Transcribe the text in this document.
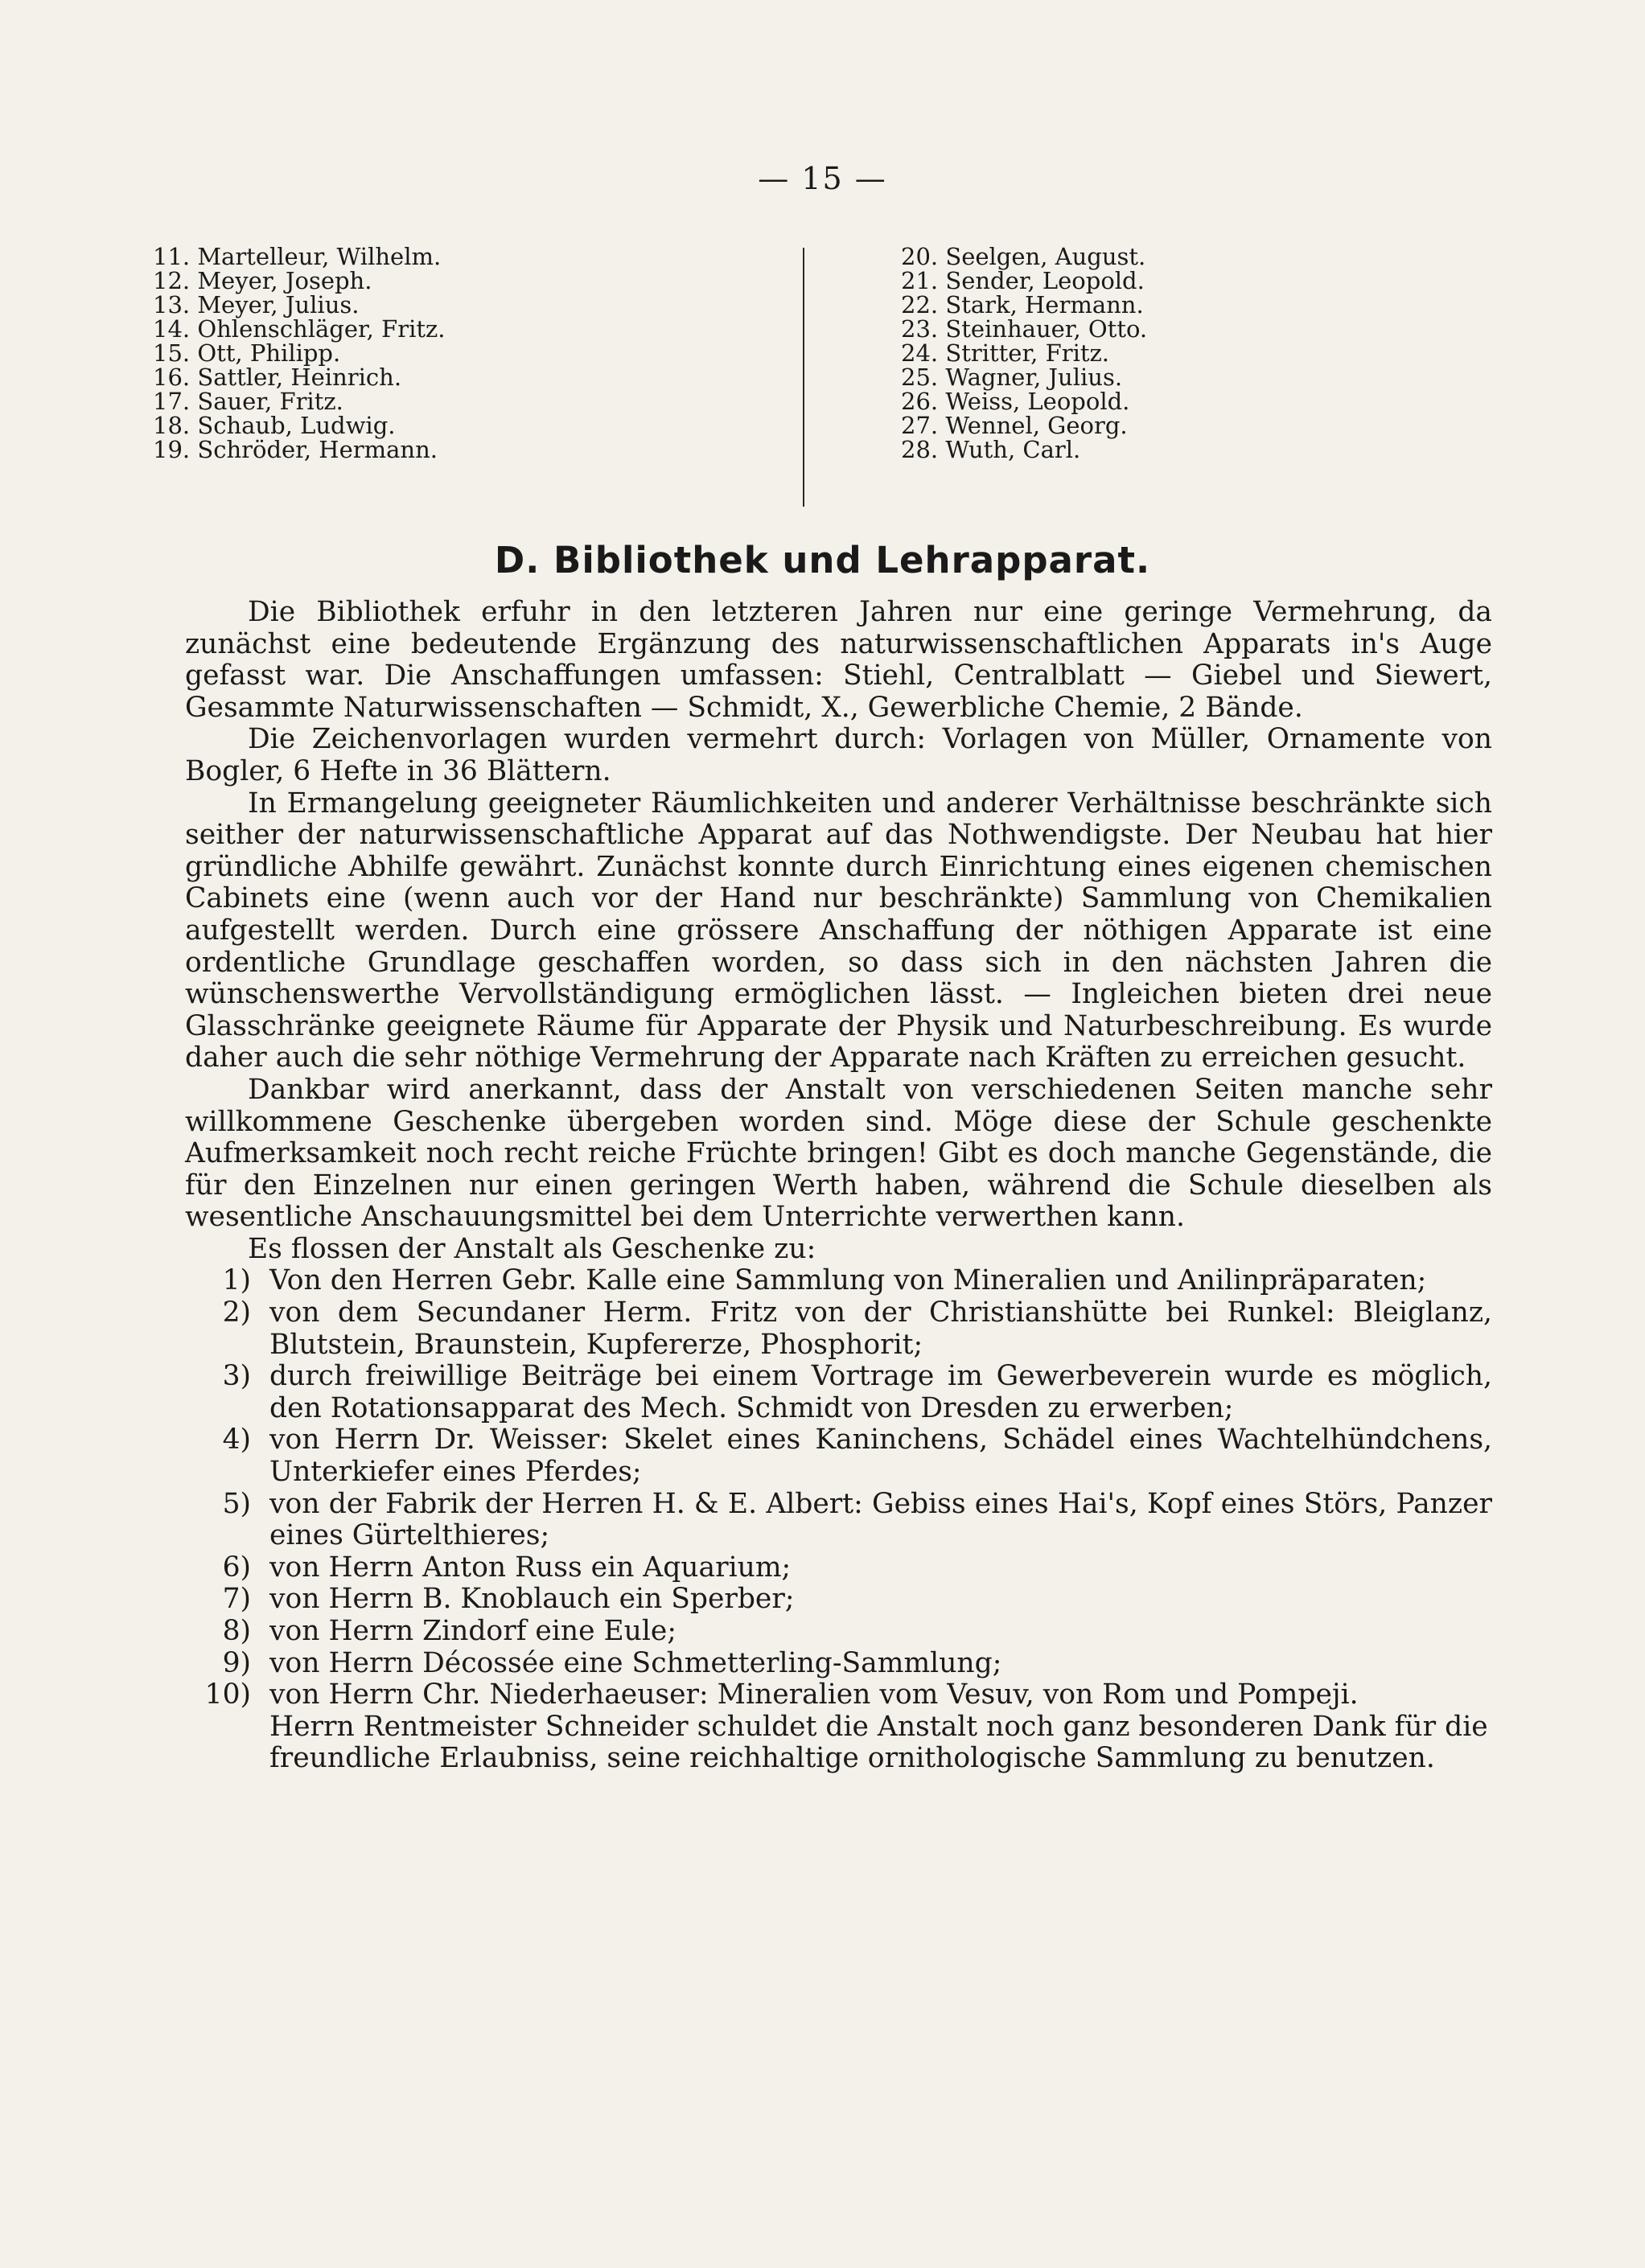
— 15 —
11. Martelleur, Wilhelm.
12. Meyer, Joseph.
13. Meyer, Julius.
14. Ohlenschläger, Fritz.
15. Ott, Philipp.
16. Sattler, Heinrich.
17. Sauer, Fritz.
18. Schaub, Ludwig.
19. Schröder, Hermann.
20. Seelgen, August.
21. Sender, Leopold.
22. Stark, Hermann.
23. Steinhauer, Otto.
24. Stritter, Fritz.
25. Wagner, Julius.
26. Weiss, Leopold.
27. Wennel, Georg.
28. Wuth, Carl.
D. Bibliothek und Lehrapparat.

Die Bibliothek erfuhr in den letzteren Jahren nur eine geringe Vermehrung, da zunächst eine bedeutende Ergänzung des naturwissenschaftlichen Apparats in's Auge gefasst war. Die Anschaffungen umfassen: Stiehl, Centralblatt — Giebel und Siewert, Gesammte Naturwissenschaften — Schmidt, X., Gewerbliche Chemie, 2 Bände.

Die Zeichenvorlagen wurden vermehrt durch: Vorlagen von Müller, Ornamente von Bogler, 6 Hefte in 36 Blättern.

In Ermangelung geeigneter Räumlichkeiten und anderer Verhältnisse beschränkte sich seither der naturwissenschaftliche Apparat auf das Nothwendigste. Der Neubau hat hier gründliche Abhilfe gewährt. Zunächst konnte durch Einrichtung eines eigenen chemischen Cabinets eine (wenn auch vor der Hand nur beschränkte) Sammlung von Chemikalien aufgestellt werden. Durch eine grössere Anschaffung der nöthigen Apparate ist eine ordentliche Grundlage geschaffen worden, so dass sich in den nächsten Jahren die wünschenswerthe Vervollständigung ermöglichen lässt. — Ingleichen bieten drei neue Glasschränke geeignete Räume für Apparate der Physik und Naturbeschreibung. Es wurde daher auch die sehr nöthige Vermehrung der Apparate nach Kräften zu erreichen gesucht.

Dankbar wird anerkannt, dass der Anstalt von verschiedenen Seiten manche sehr willkommene Geschenke übergeben worden sind. Möge diese der Schule geschenkte Aufmerksamkeit noch recht reiche Früchte bringen! Gibt es doch manche Gegenstände, die für den Einzelnen nur einen geringen Werth haben, während die Schule dieselben als wesentliche Anschauungsmittel bei dem Unterrichte verwerthen kann.

Es flossen der Anstalt als Geschenke zu:

1) Von den Herren Gebr. Kalle eine Sammlung von Mineralien und Anilinpräparaten;
2) von dem Secundaner Herm. Fritz von der Christianshütte bei Runkel: Bleiglanz, Blutstein, Braunstein, Kupfererze, Phosphorit;
3) durch freiwillige Beiträge bei einem Vortrage im Gewerbeverein wurde es möglich, den Rotationsapparat des Mech. Schmidt von Dresden zu erwerben;
4) von Herrn Dr. Weisser: Skelet eines Kaninchens, Schädel eines Wachtelhündchens, Unterkiefer eines Pferdes;
5) von der Fabrik der Herren H. & E. Albert: Gebiss eines Hai's, Kopf eines Störs, Panzer eines Gürtelthieres;
6) von Herrn Anton Russ ein Aquarium;
7) von Herrn B. Knoblauch ein Sperber;
8) von Herrn Zindorf eine Eule;
9) von Herrn Décossée eine Schmetterling-Sammlung;
10) von Herrn Chr. Niederhaeuser: Mineralien vom Vesuv, von Rom und Pompeji.

Herrn Rentmeister Schneider schuldet die Anstalt noch ganz besonderen Dank für die freundliche Erlaubniss, seine reichhaltige ornithologische Sammlung zu benutzen.
